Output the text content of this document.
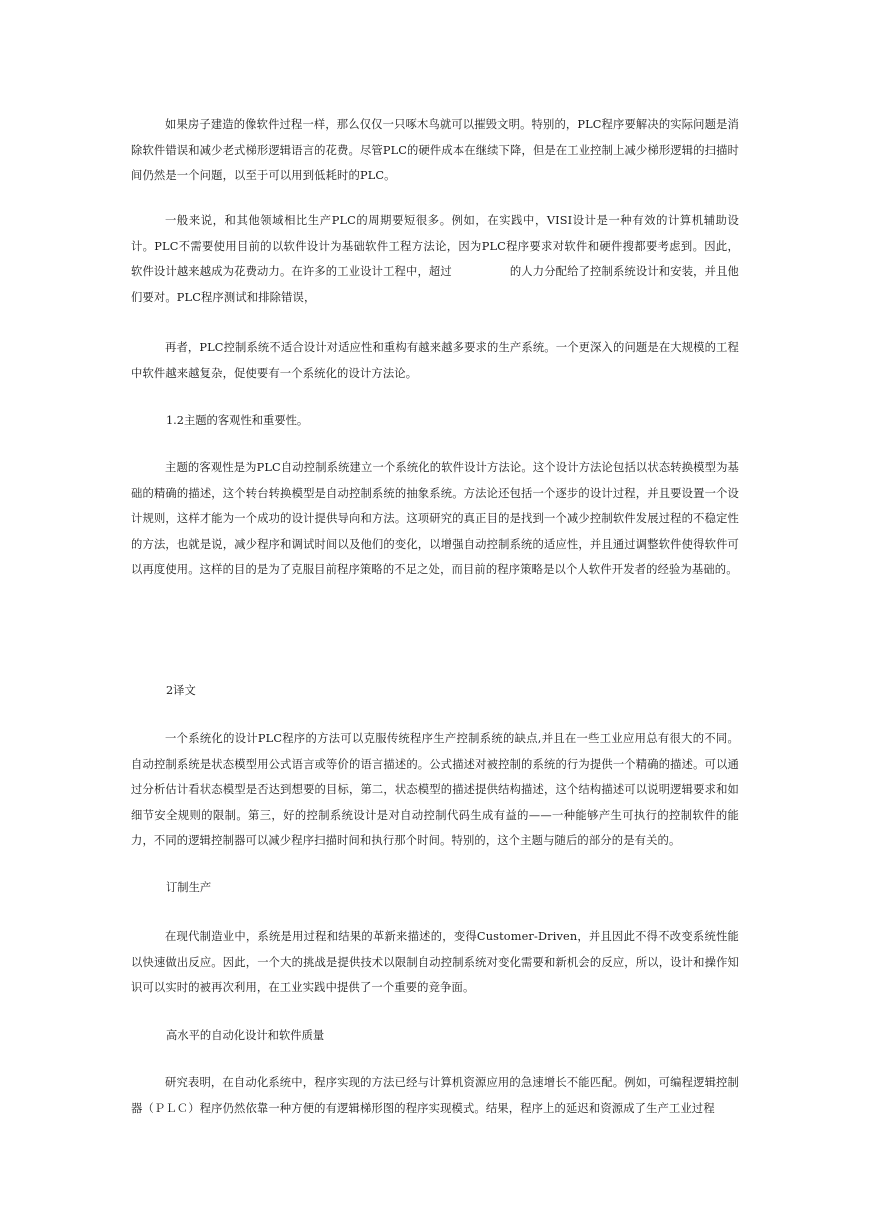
如果房子建造的像软件过程一样，那么仅仅一只啄木鸟就可以摧毁文明。特别的，PLC程序要解决的实际问题是消除软件错误和减少老式梯形逻辑语言的花费。尽管PLC的硬件成本在继续下降，但是在工业控制上减少梯形逻辑的扫描时间仍然是一个问题，以至于可以用到低耗时的PLC。

一般来说，和其他领域相比生产PLC的周期要短很多。例如，在实践中，VISI设计是一种有效的计算机辅助设计。PLC不需要使用目前的以软件设计为基础软件工程方法论，因为PLC程序要求对软件和硬件搜都要考虑到。因此，软件设计越来越成为花费动力。在许多的工业设计工程中，超过	的人力分配给了控制系统设计和安装，并且他们要对。PLC程序测试和排除错误，

再者，PLC控制系统不适合设计对适应性和重构有越来越多要求的生产系统。一个更深入的问题是在大规模的工程中软件越来越复杂，促使要有一个系统化的设计方法论。

1.2主题的客观性和重要性。

主题的客观性是为PLC自动控制系统建立一个系统化的软件设计方法论。这个设计方法论包括以状态转换模型为基础的精确的描述，这个转台转换模型是自动控制系统的抽象系统。方法论还包括一个逐步的设计过程，并且要设置一个设计规则，这样才能为一个成功的设计提供导向和方法。这项研究的真正目的是找到一个减少控制软件发展过程的不稳定性的方法，也就是说，减少程序和调试时间以及他们的变化，以增强自动控制系统的适应性，并且通过调整软件使得软件可以再度使用。这样的目的是为了克服目前程序策略的不足之处，而目前的程序策略是以个人软件开发者的经验为基础的。

2译文

一个系统化的设计PLC程序的方法可以克服传统程序生产控制系统的缺点,并且在一些工业应用总有很大的不同。自动控制系统是状态模型用公式语言或等价的语言描述的。公式描述对被控制的系统的行为提供一个精确的描述。可以通过分析估计看状态模型是否达到想要的目标，第二，状态模型的描述提供结构描述，这个结构描述可以说明逻辑要求和如细节安全规则的限制。第三，好的控制系统设计是对自动控制代码生成有益的——一种能够产生可执行的控制软件的能力，不同的逻辑控制器可以减少程序扫描时间和执行那个时间。特别的，这个主题与随后的部分的是有关的。

订制生产

在现代制造业中，系统是用过程和结果的革新来描述的，变得Customer-Driven，并且因此不得不改变系统性能以快速做出反应。因此，一个大的挑战是提供技术以限制自动控制系统对变化需要和新机会的反应，所以，设计和操作知识可以实时的被再次利用，在工业实践中提供了一个重要的竞争面。

高水平的自动化设计和软件质量

研究表明，在自动化系统中，程序实现的方法已经与计算机资源应用的急速增长不能匹配。例如，可编程逻辑控制器（ＰＬＣ）程序仍然依靠一种方便的有逻辑梯形图的程序实现模式。结果，程序上的延迟和资源成了生产工业过程
